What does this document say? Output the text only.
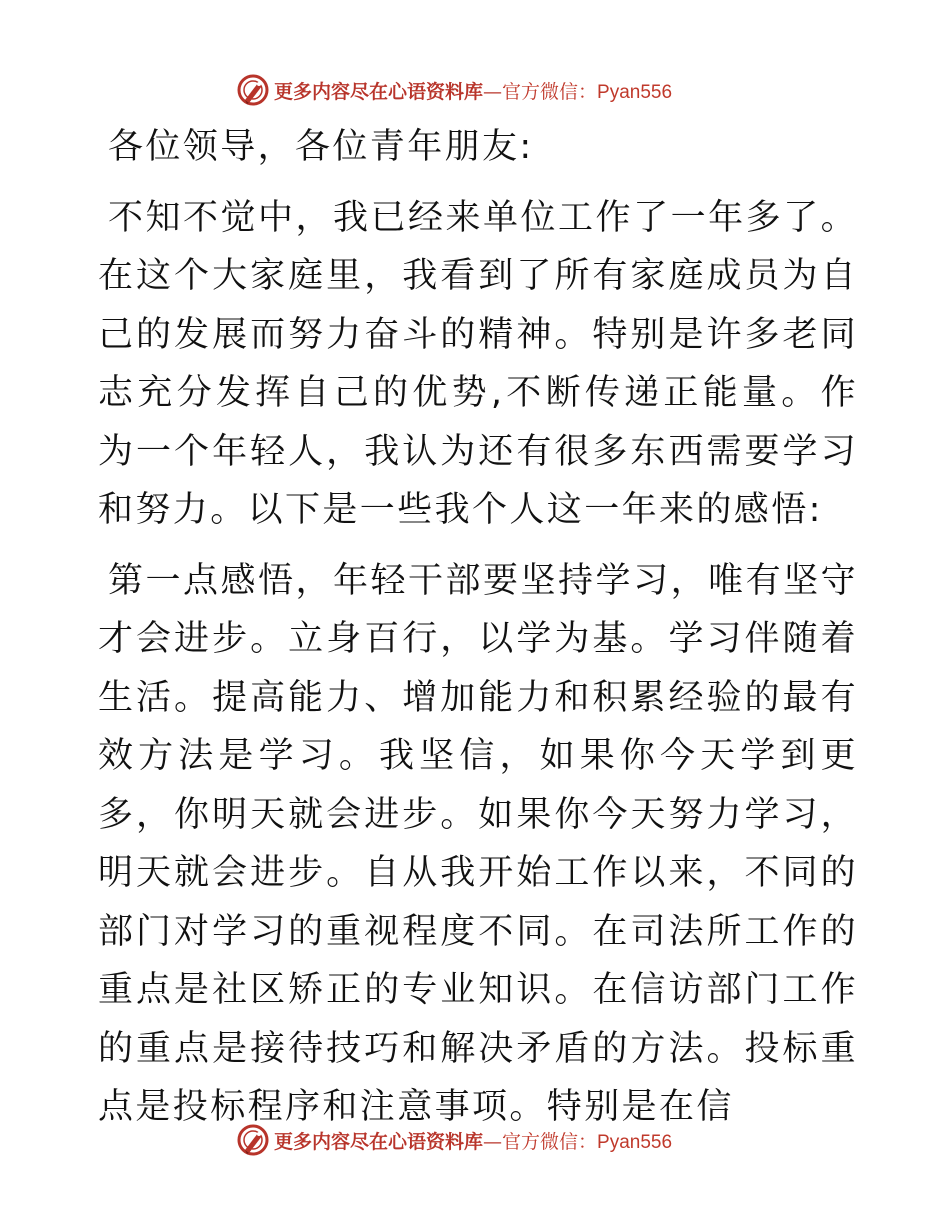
更多内容尽在心语资料库—官方微信：Pyan556

各位领导，各位青年朋友:

不知不觉中，我已经来单位工作了一年多了。在这个大家庭里，我看到了所有家庭成员为自己的发展而努力奋斗的精神。特别是许多老同志充分发挥自己的优势,不断传递正能量。作为一个年轻人，我认为还有很多东西需要学习和努力。以下是一些我个人这一年来的感悟:

第一点感悟，年轻干部要坚持学习，唯有坚守才会进步。立身百行，以学为基。学习伴随着生活。提高能力、增加能力和积累经验的最有效方法是学习。我坚信，如果你今天学到更多，你明天就会进步。如果你今天努力学习，明天就会进步。自从我开始工作以来，不同的部门对学习的重视程度不同。在司法所工作的重点是社区矫正的专业知识。在信访部门工作的重点是接待技巧和解决矛盾的方法。投标重点是投标程序和注意事项。特别是在信

更多内容尽在心语资料库—官方微信：Pyan556
